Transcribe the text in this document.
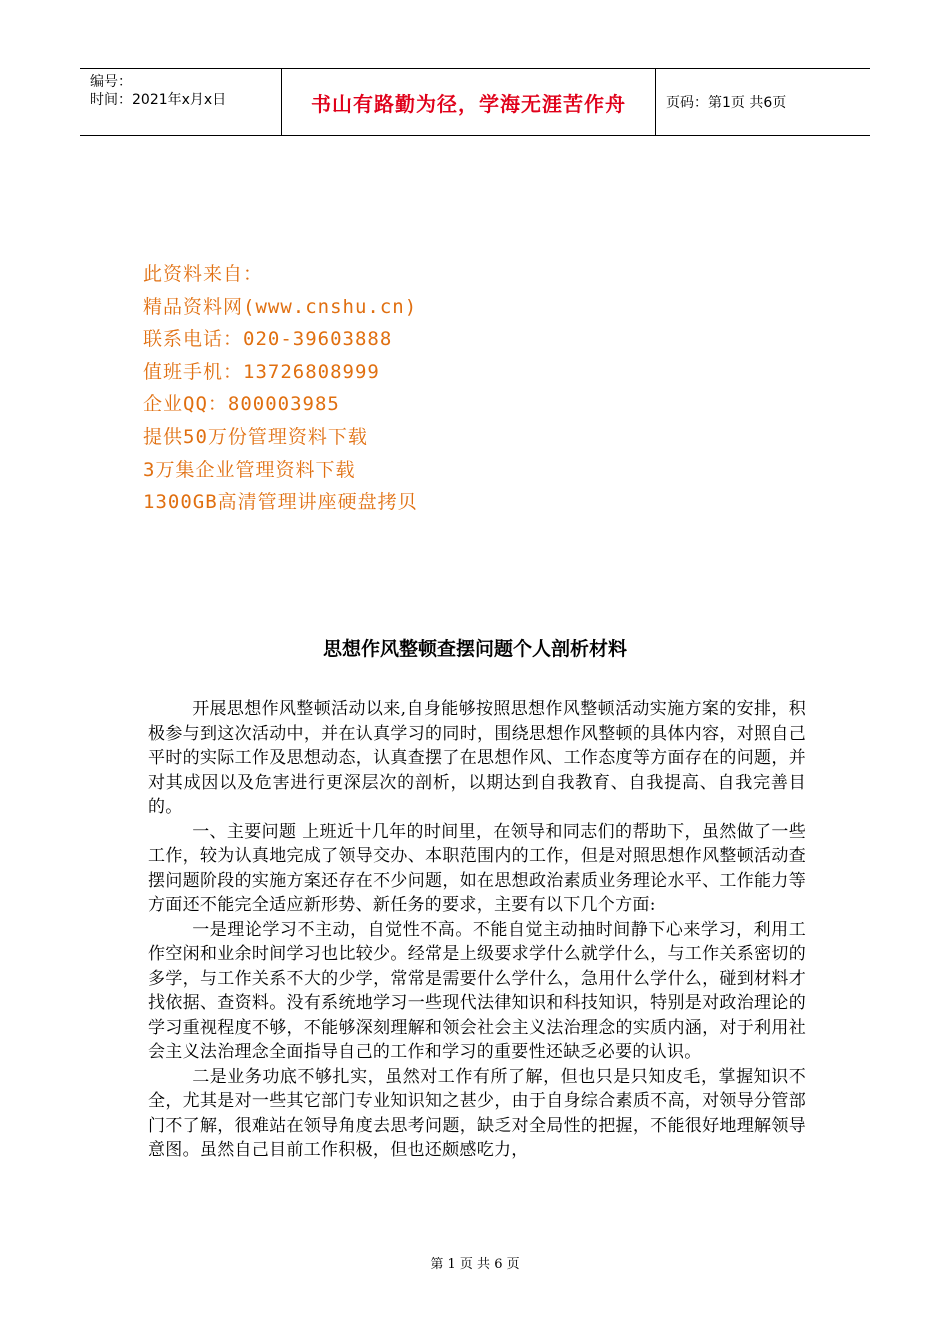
编号：
时间：2021年x月x日	书山有路勤为径，学海无涯苦作舟	页码：第1页 共6页
此资料来自：
精品资料网(www.cnshu.cn)
联系电话：020-39603888
值班手机：13726808999
企业QQ：800003985
提供50万份管理资料下载
3万集企业管理资料下载
1300GB高清管理讲座硬盘拷贝
思想作风整顿查摆问题个人剖析材料

开展思想作风整顿活动以来,自身能够按照思想作风整顿活动实施方案的安排，积极参与到这次活动中，并在认真学习的同时，围绕思想作风整顿的具体内容，对照自己平时的实际工作及思想动态，认真查摆了在思想作风、工作态度等方面存在的问题，并对其成因以及危害进行更深层次的剖析，以期达到自我教育、自我提高、自我完善目的。

一、主要问题 上班近十几年的时间里，在领导和同志们的帮助下，虽然做了一些工作，较为认真地完成了领导交办、本职范围内的工作，但是对照思想作风整顿活动查摆问题阶段的实施方案还存在不少问题，如在思想政治素质业务理论水平、工作能力等方面还不能完全适应新形势、新任务的要求，主要有以下几个方面:

一是理论学习不主动，自觉性不高。不能自觉主动抽时间静下心来学习，利用工作空闲和业余时间学习也比较少。经常是上级要求学什么就学什么，与工作关系密切的多学，与工作关系不大的少学，常常是需要什么学什么，急用什么学什么，碰到材料才找依据、查资料。没有系统地学习一些现代法律知识和科技知识，特别是对政治理论的学习重视程度不够，不能够深刻理解和领会社会主义法治理念的实质内涵，对于利用社会主义法治理念全面指导自己的工作和学习的重要性还缺乏必要的认识。

二是业务功底不够扎实，虽然对工作有所了解，但也只是只知皮毛，掌握知识不全，尤其是对一些其它部门专业知识知之甚少，由于自身综合素质不高，对领导分管部门不了解，很难站在领导角度去思考问题，缺乏对全局性的把握，不能很好地理解领导意图。虽然自己目前工作积极，但也还颇感吃力，

第 1 页 共 6 页
